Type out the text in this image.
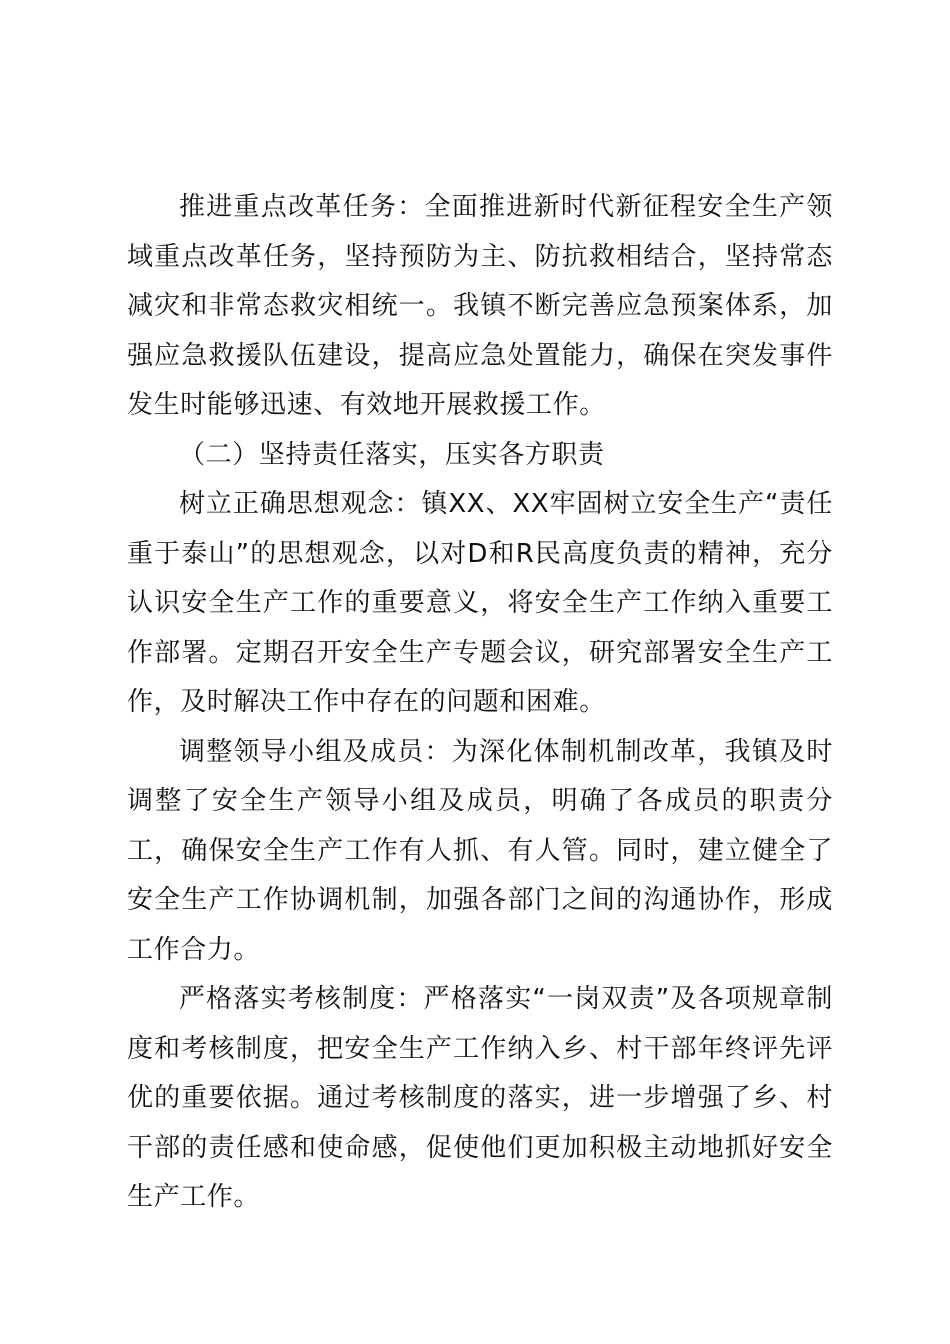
推进重点改革任务：全面推进新时代新征程安全生产领域重点改革任务，坚持预防为主、防抗救相结合，坚持常态减灾和非常态救灾相统一。我镇不断完善应急预案体系，加强应急救援队伍建设，提高应急处置能力，确保在突发事件发生时能够迅速、有效地开展救援工作。

（二）坚持责任落实，压实各方职责

树立正确思想观念：镇XX、XX牢固树立安全生产“责任重于泰山”的思想观念，以对D和R民高度负责的精神，充分认识安全生产工作的重要意义，将安全生产工作纳入重要工作部署。定期召开安全生产专题会议，研究部署安全生产工作，及时解决工作中存在的问题和困难。

调整领导小组及成员：为深化体制机制改革，我镇及时调整了安全生产领导小组及成员，明确了各成员的职责分工，确保安全生产工作有人抓、有人管。同时，建立健全了安全生产工作协调机制，加强各部门之间的沟通协作，形成工作合力。

严格落实考核制度：严格落实“一岗双责”及各项规章制度和考核制度，把安全生产工作纳入乡、村干部年终评先评优的重要依据。通过考核制度的落实，进一步增强了乡、村干部的责任感和使命感，促使他们更加积极主动地抓好安全生产工作。
